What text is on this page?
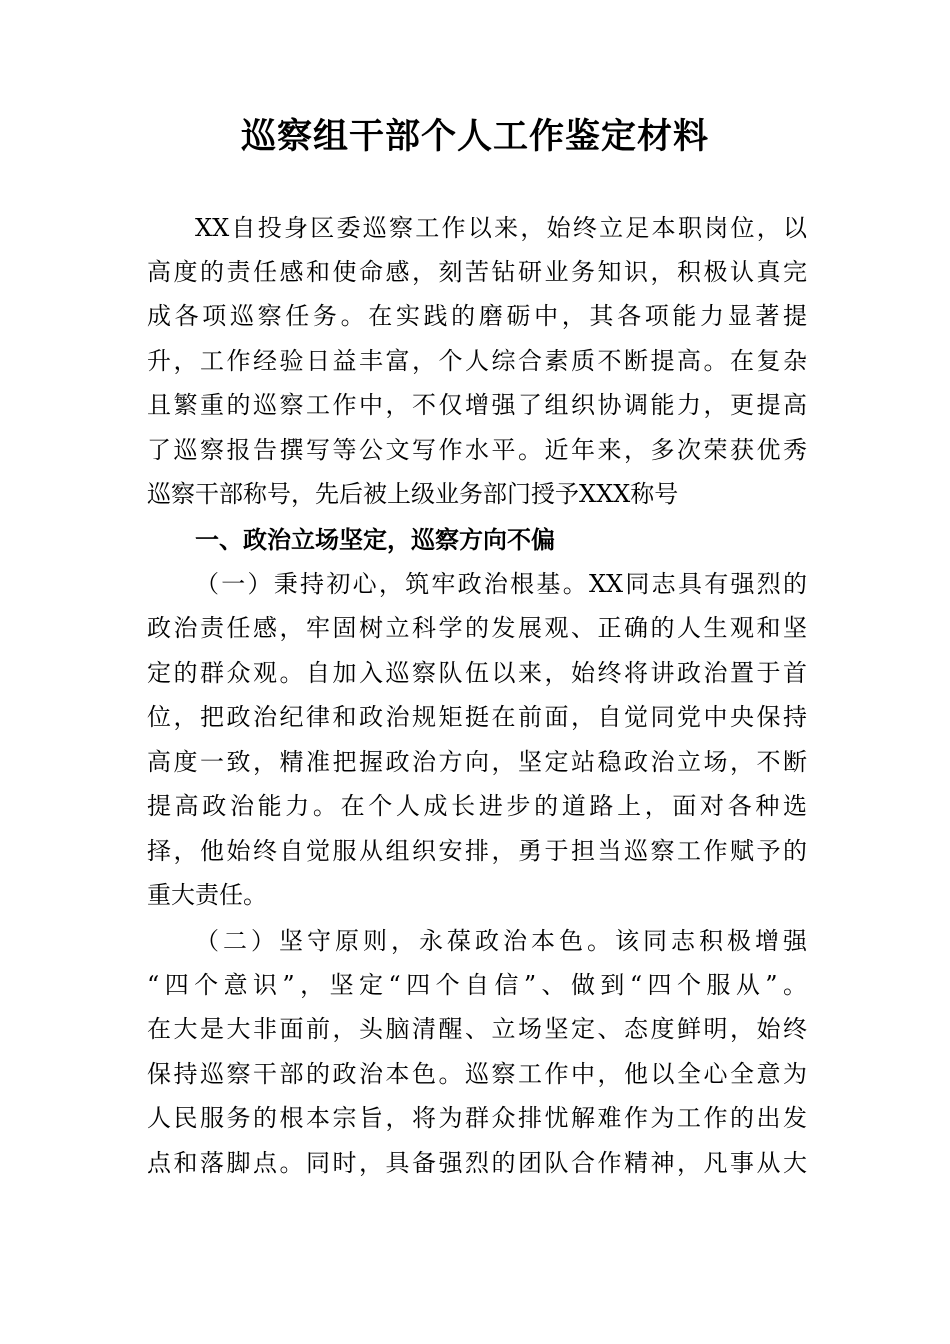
巡察组干部个人工作鉴定材料
XX自投身区委巡察工作以来，始终立足本职岗位，以
高度的责任感和使命感，刻苦钻研业务知识，积极认真完
成各项巡察任务。在实践的磨砺中，其各项能力显著提
升，工作经验日益丰富，个人综合素质不断提高。在复杂
且繁重的巡察工作中，不仅增强了组织协调能力，更提高
了巡察报告撰写等公文写作水平。近年来，多次荣获优秀
巡察干部称号，先后被上级业务部门授予XXX称号
一、政治立场坚定，巡察方向不偏
（一）秉持初心，筑牢政治根基。XX同志具有强烈的
政治责任感，牢固树立科学的发展观、正确的人生观和坚
定的群众观。自加入巡察队伍以来，始终将讲政治置于首
位，把政治纪律和政治规矩挺在前面，自觉同党中央保持
高度一致，精准把握政治方向，坚定站稳政治立场，不断
提高政治能力。在个人成长进步的道路上，面对各种选
择，他始终自觉服从组织安排，勇于担当巡察工作赋予的
重大责任。
（二）坚守原则，永葆政治本色。该同志积极增强
“四个意识”，坚定“四个自信”、做到“四个服从”。
在大是大非面前，头脑清醒、立场坚定、态度鲜明，始终
保持巡察干部的政治本色。巡察工作中，他以全心全意为
人民服务的根本宗旨，将为群众排忧解难作为工作的出发
点和落脚点。同时，具备强烈的团队合作精神，凡事从大
